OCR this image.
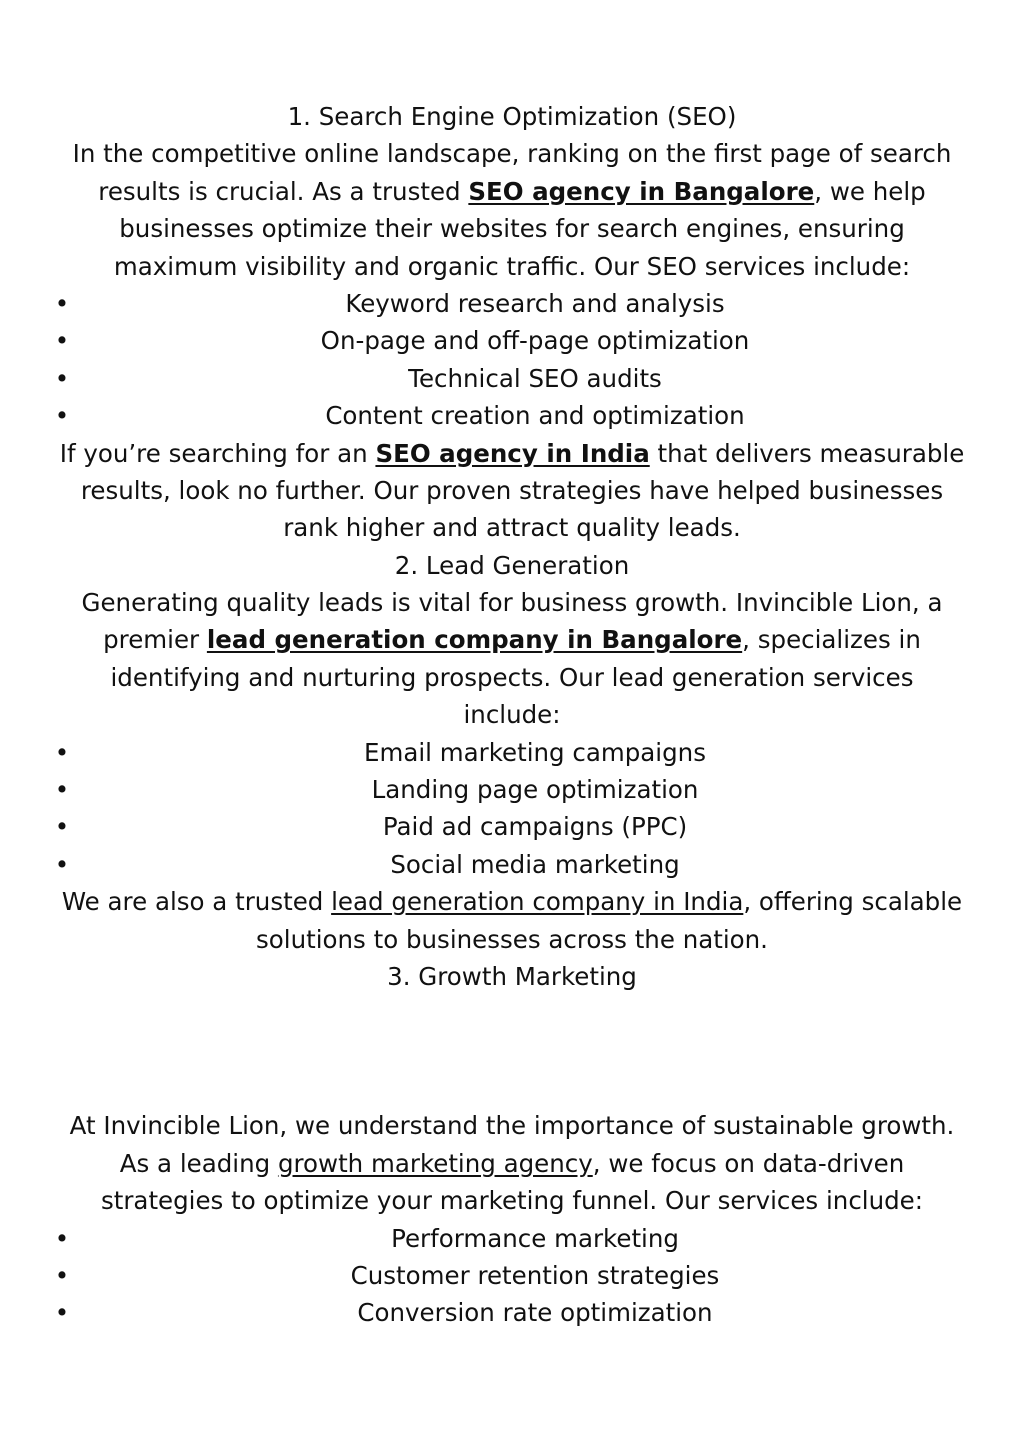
1. Search Engine Optimization (SEO)

In the competitive online landscape, ranking on the first page of search

results is crucial. As a trusted SEO agency in Bangalore, we help

businesses optimize their websites for search engines, ensuring

maximum visibility and organic traffic. Our SEO services include:

•	Keyword research and analysis
•	On-page and off-page optimization
•	Technical SEO audits
•	Content creation and optimization

If you’re searching for an SEO agency in India that delivers measurable

results, look no further. Our proven strategies have helped businesses

rank higher and attract quality leads.

2. Lead Generation

Generating quality leads is vital for business growth. Invincible Lion, a

premier lead generation company in Bangalore, specializes in

identifying and nurturing prospects. Our lead generation services

include:

•	Email marketing campaigns
•	Landing page optimization
•	Paid ad campaigns (PPC)
•	Social media marketing

We are also a trusted lead generation company in India, offering scalable

solutions to businesses across the nation.

3. Growth Marketing

At Invincible Lion, we understand the importance of sustainable growth.

As a leading growth marketing agency, we focus on data-driven

strategies to optimize your marketing funnel. Our services include:

•	Performance marketing
•	Customer retention strategies
•	Conversion rate optimization
